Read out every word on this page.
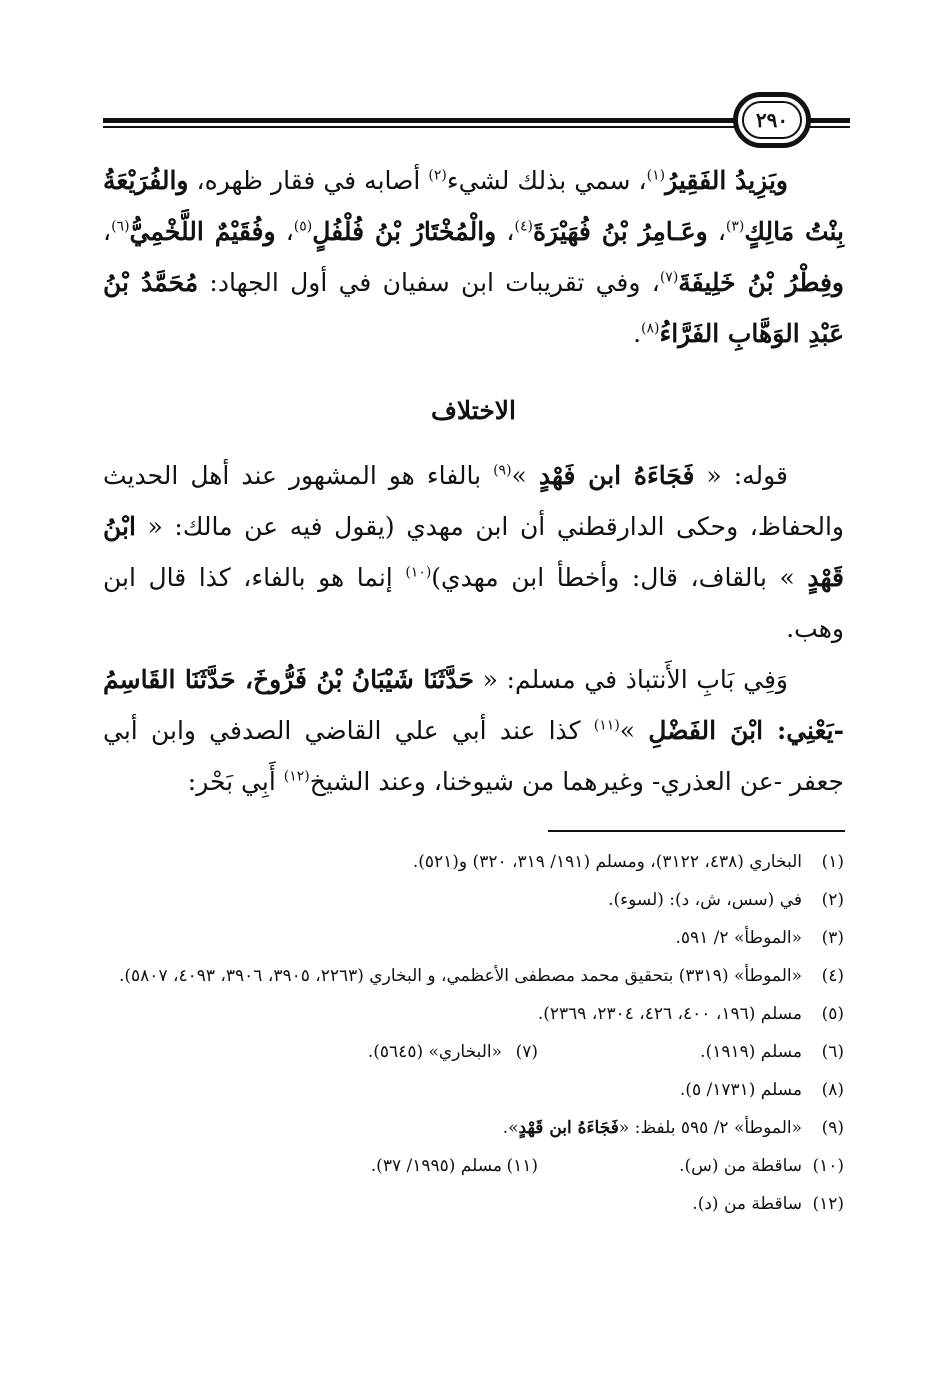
٢٩٠

ويَزِيدُ الفَقِيرُ$^{(١)}$، سمي بذلك لشيء$^{(٢)}$ أصابه في فقار ظهره، والفُرَيْعَةُ بِنْتُ مَالِكٍ$^{(٣)}$، وعَـامِرُ بْنُ فُهَيْرَةَ$^{(٤)}$، والْمُخْتَارُ بْنُ فُلْفُلٍ$^{(٥)}$، وفُقَيْمٌ اللَّخْمِيُّ$^{(٦)}$، وفِطْرُ بْنُ خَلِيفَةَ$^{(٧)}$، وفي تقريبات ابن سفيان في أول الجهاد: مُحَمَّدُ بْنُ عَبْدِ الوَهَّابِ الفَرَّاءُ$^{(٨)}$.

الاختلاف

قوله: « فَجَاءَهُ ابن فَهْدٍ »$^{(٩)}$ بالفاء هو المشهور عند أهل الحديث والحفاظ، وحكى الدارقطني أن ابن مهدي (يقول فيه عن مالك: « ابْنُ قَهْدٍ » بالقاف، قال: وأخطأ ابن مهدي)$^{(١٠)}$ إنما هو بالفاء، كذا قال ابن وهب.

وَفِي بَابِ الأَنتباذ في مسلم: « حَدَّثَنَا شَيْبَانُ بْنُ فَرُّوخَ، حَدَّثَنَا القَاسِمُ -يَعْنِي: ابْنَ الفَضْلِ »$^{(١١)}$ كذا عند أبي علي القاضي الصدفي وابن أبي جعفر -عن العذري- وغيرهما من شيوخنا، وعند الشيخ$^{(١٢)}$ أَبِي بَحْر:

(١)
البخاري (٤٣٨، ٣١٢٢)، ومسلم (١٩١/ ٣١٩، ٣٢٠) و(٥٢١).
(٢)
في (سس، ش، د): (لسوء).
(٣)
«الموطأ» ٢/ ٥٩١.
(٤)
«الموطأ» (٣٣١٩) بتحقيق محمد مصطفى الأعظمي، و البخاري (٢٢٦٣، ٣٩٠٥، ٣٩٠٦، ٤٠٩٣، ٥٨٠٧).
(٥)
مسلم (١٩٦، ٤٠٠، ٤٢٦، ٢٣٠٤، ٢٣٦٩).
(٦)
مسلم (١٩١٩).
(٧)
«البخاري» (٥٦٤٥).
(٨)
مسلم (١٧٣١/ ٥).
(٩)
«الموطأ» ٢/ ٥٩٥ بلفظ: «فَجَاءَهُ ابن قَهْدٍ».
(١٠)
ساقطة من (س).
(١١)
مسلم (١٩٩٥/ ٣٧).
(١٢)
ساقطة من (د).
